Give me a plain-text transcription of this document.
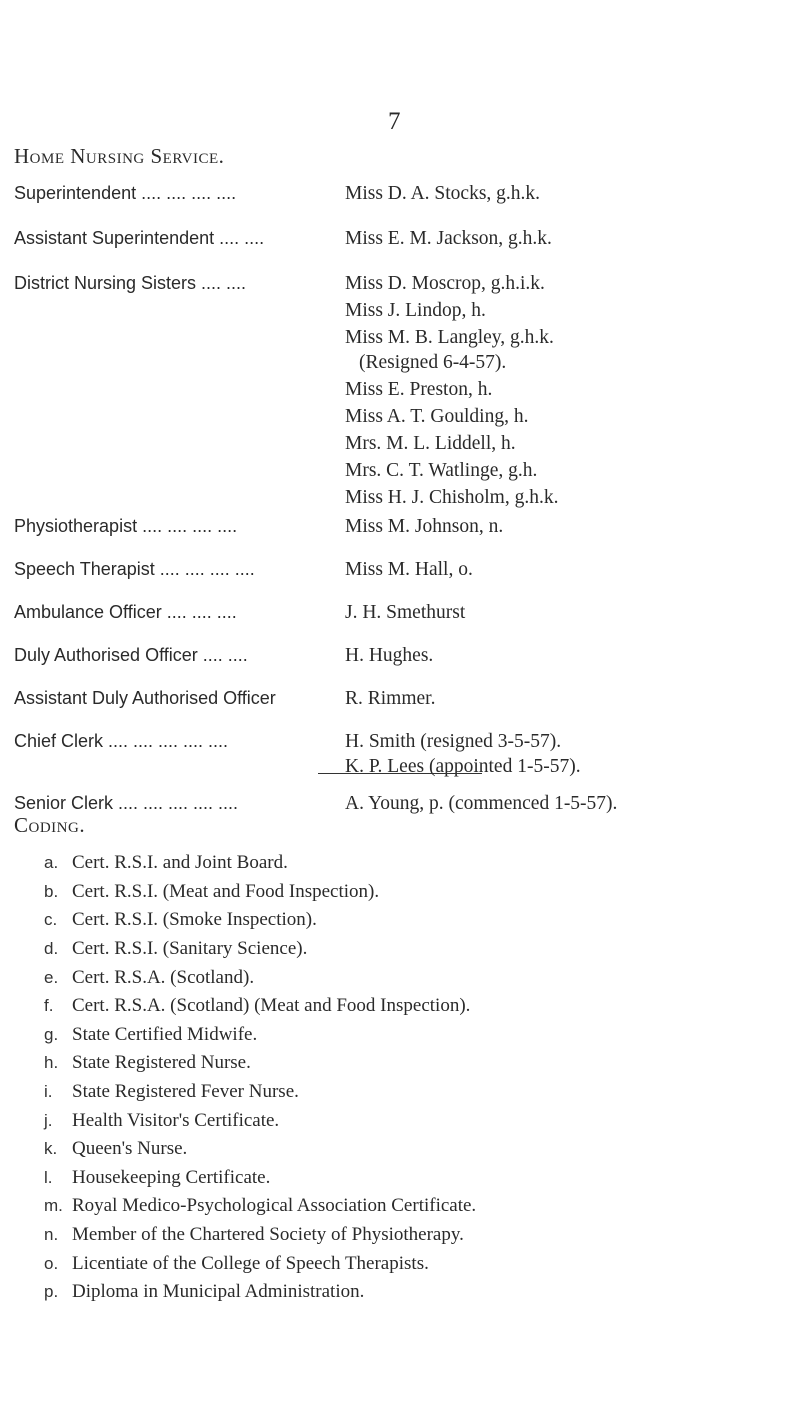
7
Home Nursing Service.
Superintendent .... .... .... ....	Miss D. A. Stocks, g.h.k.
Assistant Superintendent .... ....	Miss E. M. Jackson, g.h.k.
District Nursing Sisters .... ....	Miss D. Moscrop, g.h.i.k.
Miss J. Lindop, h.
Miss M. B. Langley, g.h.k.
(Resigned 6-4-57).
Miss E. Preston, h.
Miss A. T. Goulding, h.
Mrs. M. L. Liddell, h.
Mrs. C. T. Watlinge, g.h.
Miss H. J. Chisholm, g.h.k.
Physiotherapist .... .... .... ....	Miss M. Johnson, n.
Speech Therapist .... .... .... ....	Miss M. Hall, o.
Ambulance Officer .... .... ....	J. H. Smethurst
Duly Authorised Officer .... ....	H. Hughes.
Assistant Duly Authorised Officer	R. Rimmer.
Chief Clerk .... .... .... .... ....	H. Smith (resigned 3-5-57).
K. P. Lees (appointed 1-5-57).
Senior Clerk .... .... .... .... ....	A. Young, p. (commenced 1-5-57).
Coding.
a. Cert. R.S.I. and Joint Board.
b. Cert. R.S.I. (Meat and Food Inspection).
c. Cert. R.S.I. (Smoke Inspection).
d. Cert. R.S.I. (Sanitary Science).
e. Cert. R.S.A. (Scotland).
f. Cert. R.S.A. (Scotland) (Meat and Food Inspection).
g. State Certified Midwife.
h. State Registered Nurse.
i.	State Registered Fever Nurse.
j.	Health Visitor's Certificate.
k. Queen's Nurse.
l.	Housekeeping Certificate.
m. Royal Medico-Psychological Association Certificate.
n. Member of the Chartered Society of Physiotherapy.
o. Licentiate of the College of Speech Therapists.
p. Diploma in Municipal Administration.
